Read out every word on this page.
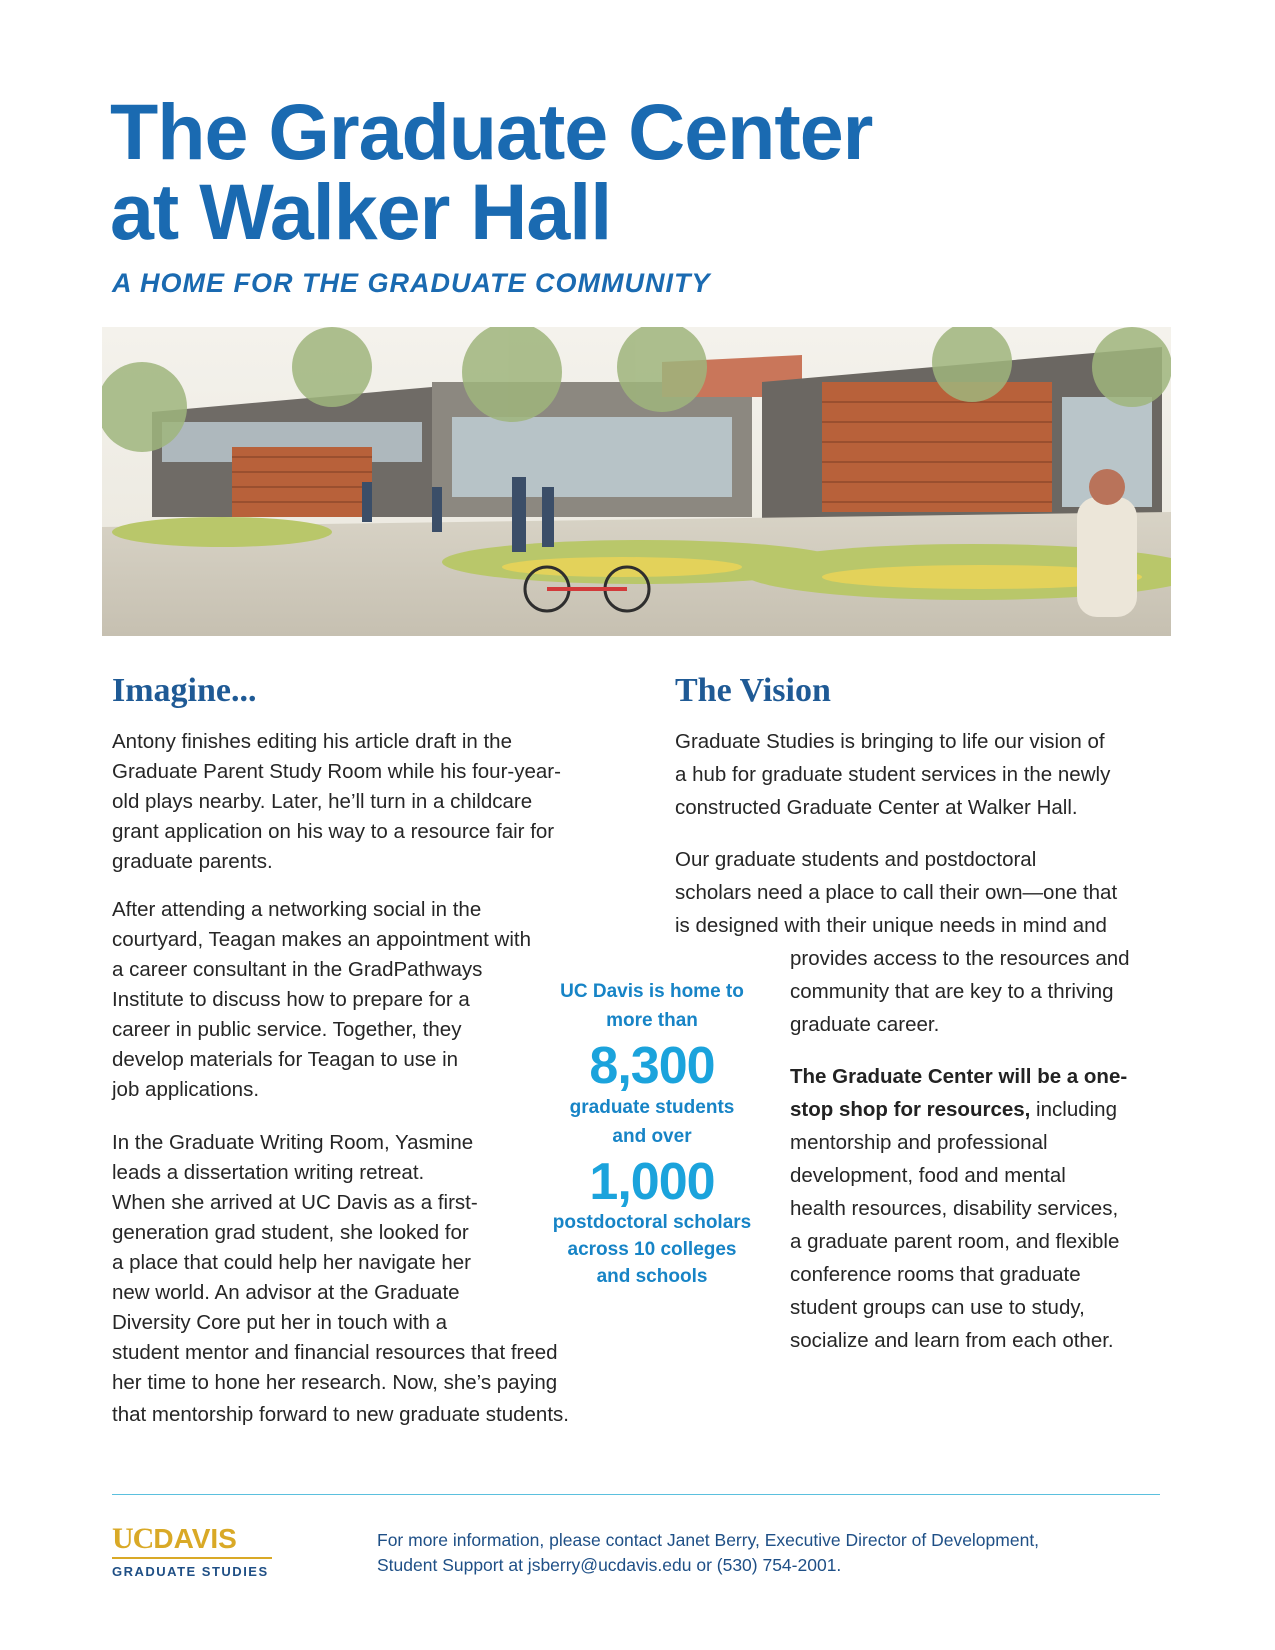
The Graduate Center
at Walker Hall

A HOME FOR THE GRADUATE COMMUNITY

Imagine...

Antony finishes editing his article draft in the

Graduate Parent Study Room while his four-year-

old plays nearby. Later, he’ll turn in a childcare

grant application on his way to a resource fair for

graduate parents.

After attending a networking social in the

courtyard, Teagan makes an appointment with

a career consultant in the GradPathways

Institute to discuss how to prepare for a

career in public service. Together, they

develop materials for Teagan to use in

job applications.

In the Graduate Writing Room, Yasmine

leads a dissertation writing retreat.

When she arrived at UC Davis as a first-

generation grad student, she looked for

a place that could help her navigate her

new world. An advisor at the Graduate

Diversity Core put her in touch with a

student mentor and financial resources that freed

her time to hone her research. Now, she’s paying

that mentorship forward to new graduate students.

UC Davis is home to

more than

8,300

graduate students

and over

1,000

postdoctoral scholars

across 10 colleges

and schools

The Vision

Graduate Studies is bringing to life our vision of

a hub for graduate student services in the newly

constructed Graduate Center at Walker Hall.

Our graduate students and postdoctoral

scholars need a place to call their own—one that

is designed with their unique needs in mind and

provides access to the resources and

community that are key to a thriving

graduate career.

The Graduate Center will be a one-

stop shop for resources, including

mentorship and professional

development, food and mental

health resources, disability services,

a graduate parent room, and flexible

conference rooms that graduate

student groups can use to study,

socialize and learn from each other.

UCDAVIS
GRADUATE STUDIES
For more information, please contact Janet Berry, Executive Director of Development,
Student Support at jsberry@ucdavis.edu or (530) 754-2001.
